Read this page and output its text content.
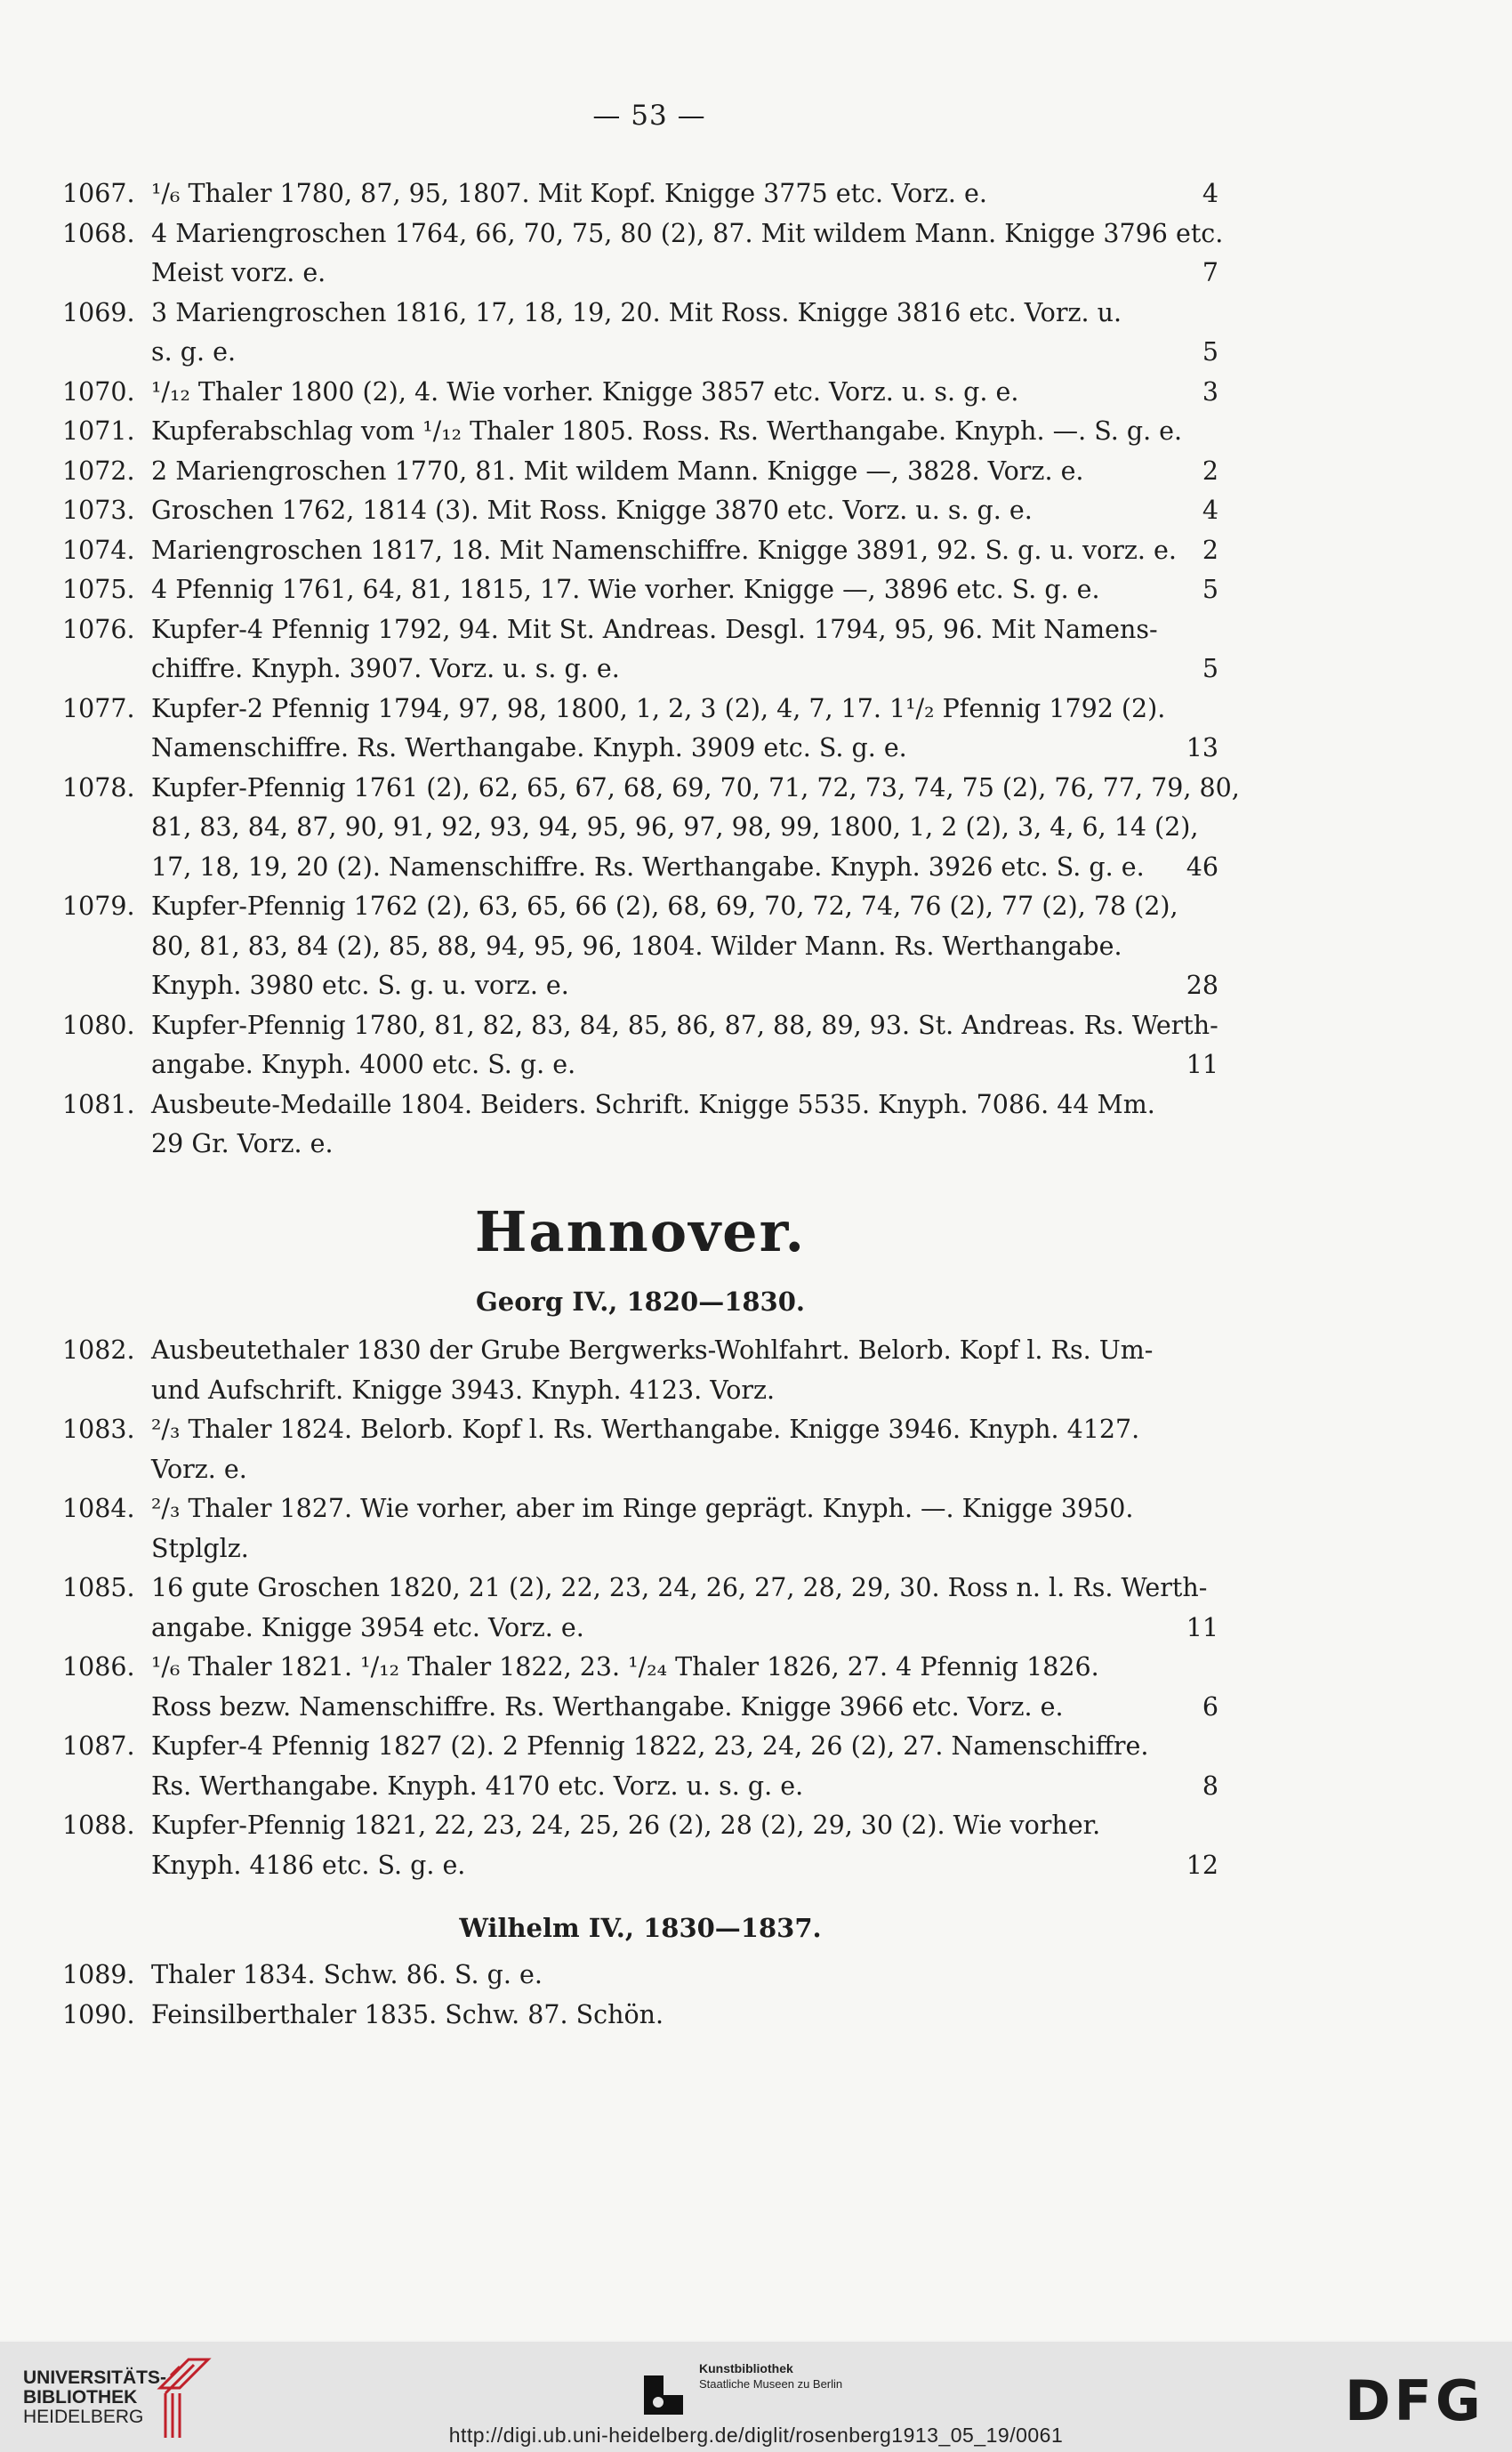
— 53 —
1067. ¹/₆ Thaler 1780, 87, 95, 1807. Mit Kopf. Knigge 3775 etc. Vorz. e.	4
1068. 4 Mariengroschen 1764, 66, 70, 75, 80 (2), 87. Mit wildem Mann. Knigge 3796 etc.
Meist vorz. e.	7
1069. 3 Mariengroschen 1816, 17, 18, 19, 20. Mit Ross. Knigge 3816 etc. Vorz. u.
s. g. e.	5
1070. ¹/₁₂ Thaler 1800 (2), 4. Wie vorher. Knigge 3857 etc. Vorz. u. s. g. e.	3
1071. Kupferabschlag vom ¹/₁₂ Thaler 1805. Ross. Rs. Werthangabe. Knyph. —. S. g. e.
1072. 2 Mariengroschen 1770, 81. Mit wildem Mann. Knigge —, 3828. Vorz. e.	2
1073. Groschen 1762, 1814 (3). Mit Ross. Knigge 3870 etc. Vorz. u. s. g. e.	4
1074. Mariengroschen 1817, 18. Mit Namenschiffre. Knigge 3891, 92. S. g. u. vorz. e.	2
1075. 4 Pfennig 1761, 64, 81, 1815, 17. Wie vorher. Knigge —, 3896 etc. S. g. e.	5
1076. Kupfer-4 Pfennig 1792, 94. Mit St. Andreas. Desgl. 1794, 95, 96. Mit Namens-
chiffre. Knyph. 3907. Vorz. u. s. g. e.	5
1077. Kupfer-2 Pfennig 1794, 97, 98, 1800, 1, 2, 3 (2), 4, 7, 17. 1¹/₂ Pfennig 1792 (2).
Namenschiffre. Rs. Werthangabe. Knyph. 3909 etc. S. g. e.	13
1078. Kupfer-Pfennig 1761 (2), 62, 65, 67, 68, 69, 70, 71, 72, 73, 74, 75 (2), 76, 77, 79, 80,
81, 83, 84, 87, 90, 91, 92, 93, 94, 95, 96, 97, 98, 99, 1800, 1, 2 (2), 3, 4, 6, 14 (2),
17, 18, 19, 20 (2). Namenschiffre. Rs. Werthangabe. Knyph. 3926 etc. S. g. e. 46
1079. Kupfer-Pfennig 1762 (2), 63, 65, 66 (2), 68, 69, 70, 72, 74, 76 (2), 77 (2), 78 (2),
80, 81, 83, 84 (2), 85, 88, 94, 95, 96, 1804. Wilder Mann. Rs. Werthangabe.
Knyph. 3980 etc. S. g. u. vorz. e.	28
1080. Kupfer-Pfennig 1780, 81, 82, 83, 84, 85, 86, 87, 88, 89, 93. St. Andreas. Rs. Werth-
angabe. Knyph. 4000 etc. S. g. e.	11
1081. Ausbeute-Medaille 1804. Beiders. Schrift. Knigge 5535. Knyph. 7086. 44 Mm.
29 Gr. Vorz. e.
Hannover.
Georg IV., 1820—1830.
1082. Ausbeutethaler 1830 der Grube Bergwerks-Wohlfahrt. Belorb. Kopf l. Rs. Um-
und Aufschrift. Knigge 3943. Knyph. 4123. Vorz.
1083. ²/₃ Thaler 1824. Belorb. Kopf l. Rs. Werthangabe. Knigge 3946. Knyph. 4127.
Vorz. e.
1084. ²/₃ Thaler 1827. Wie vorher, aber im Ringe geprägt. Knyph. —. Knigge 3950.
Stplglz.
1085. 16 gute Groschen 1820, 21 (2), 22, 23, 24, 26, 27, 28, 29, 30. Ross n. l. Rs. Werth-
angabe. Knigge 3954 etc. Vorz. e.	11
1086. ¹/₆ Thaler 1821. ¹/₁₂ Thaler 1822, 23. ¹/₂₄ Thaler 1826, 27. 4 Pfennig 1826.
Ross bezw. Namenschiffre. Rs. Werthangabe. Knigge 3966 etc. Vorz. e.	6
1087. Kupfer-4 Pfennig 1827 (2). 2 Pfennig 1822, 23, 24, 26 (2), 27. Namenschiffre.
Rs. Werthangabe. Knyph. 4170 etc. Vorz. u. s. g. e.	8
1088. Kupfer-Pfennig 1821, 22, 23, 24, 25, 26 (2), 28 (2), 29, 30 (2). Wie vorher.
Knyph. 4186 etc. S. g. e.	12
Wilhelm IV., 1830—1837.
1089. Thaler 1834. Schw. 86. S. g. e.
1090. Feinsilberthaler 1835. Schw. 87. Schön.
UNIVERSITÄTS-
BIBLIOTHEK
HEIDELBERG
Kunstbibliothek
Staatliche Museen zu Berlin	DFG
http://digi.ub.uni-heidelberg.de/diglit/rosenberg1913_05_19/0061
